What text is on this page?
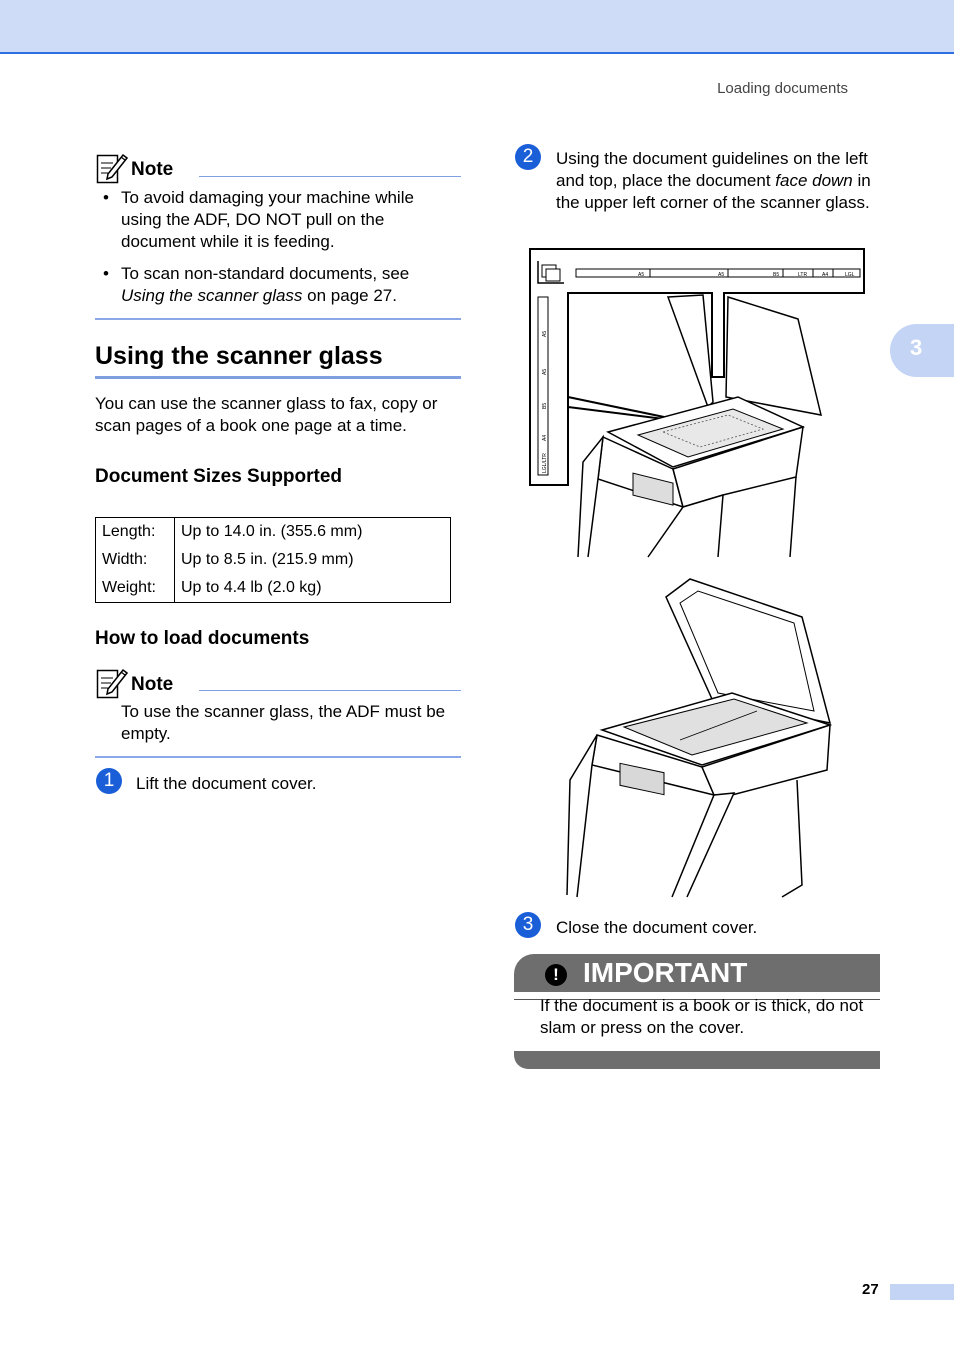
Loading documents
3
Note
• To avoid damaging your machine while using the ADF, DO NOT pull on the document while it is feeding.
• To scan non-standard documents, see Using the scanner glass on page 27.
Using the scanner glass
You can use the scanner glass to fax, copy or scan pages of a book one page at a time.
Document Sizes Supported
Length:	Up to 14.0 in. (355.6 mm)
Width:	Up to 8.5 in. (215.9 mm)
Weight:	Up to 4.4 lb (2.0 kg)
How to load documents
Note
To use the scanner glass, the ADF must be empty.
1	Lift the document cover.
2	Using the document guidelines on the left and top, place the document face down in the upper left corner of the scanner glass.
A5	A5	B5	LTR	A4	LGL
A5
A5
B5
A4
LGL/LTR
3	Close the document cover.
! IMPORTANT
If the document is a book or is thick, do not slam or press on the cover.
27
